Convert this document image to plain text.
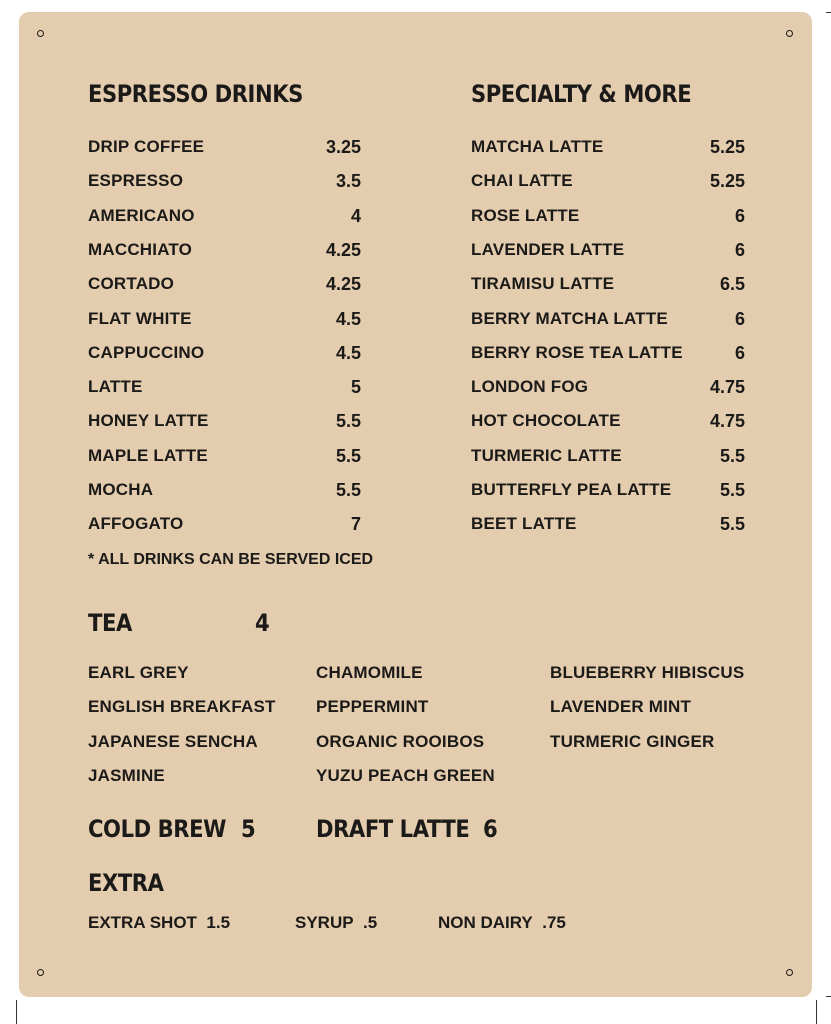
ESPRESSO DRINKS
DRIP COFFEE	3.25
ESPRESSO	3.5
AMERICANO	4
MACCHIATO	4.25
CORTADO	4.25
FLAT WHITE	4.5
CAPPUCCINO	4.5
LATTE	5
HONEY LATTE	5.5
MAPLE LATTE	5.5
MOCHA	5.5
AFFOGATO	7
* ALL DRINKS CAN BE SERVED ICED
SPECIALTY & MORE
MATCHA LATTE	5.25
CHAI LATTE	5.25
ROSE LATTE	6
LAVENDER LATTE	6
TIRAMISU LATTE	6.5
BERRY MATCHA LATTE	6
BERRY ROSE TEA LATTE	6
LONDON FOG	4.75
HOT CHOCOLATE	4.75
TURMERIC LATTE	5.5
BUTTERFLY PEA LATTE	5.5
BEET LATTE	5.5
TEA	4
EARL GREY
ENGLISH BREAKFAST
JAPANESE SENCHA
JASMINE
CHAMOMILE
PEPPERMINT
ORGANIC ROOIBOS
YUZU PEACH GREEN
BLUEBERRY HIBISCUS
LAVENDER MINT
TURMERIC GINGER
COLD BREW 5	DRAFT LATTE 6
EXTRA
EXTRA SHOT 1.5	SYRUP .5	NON DAIRY .75
